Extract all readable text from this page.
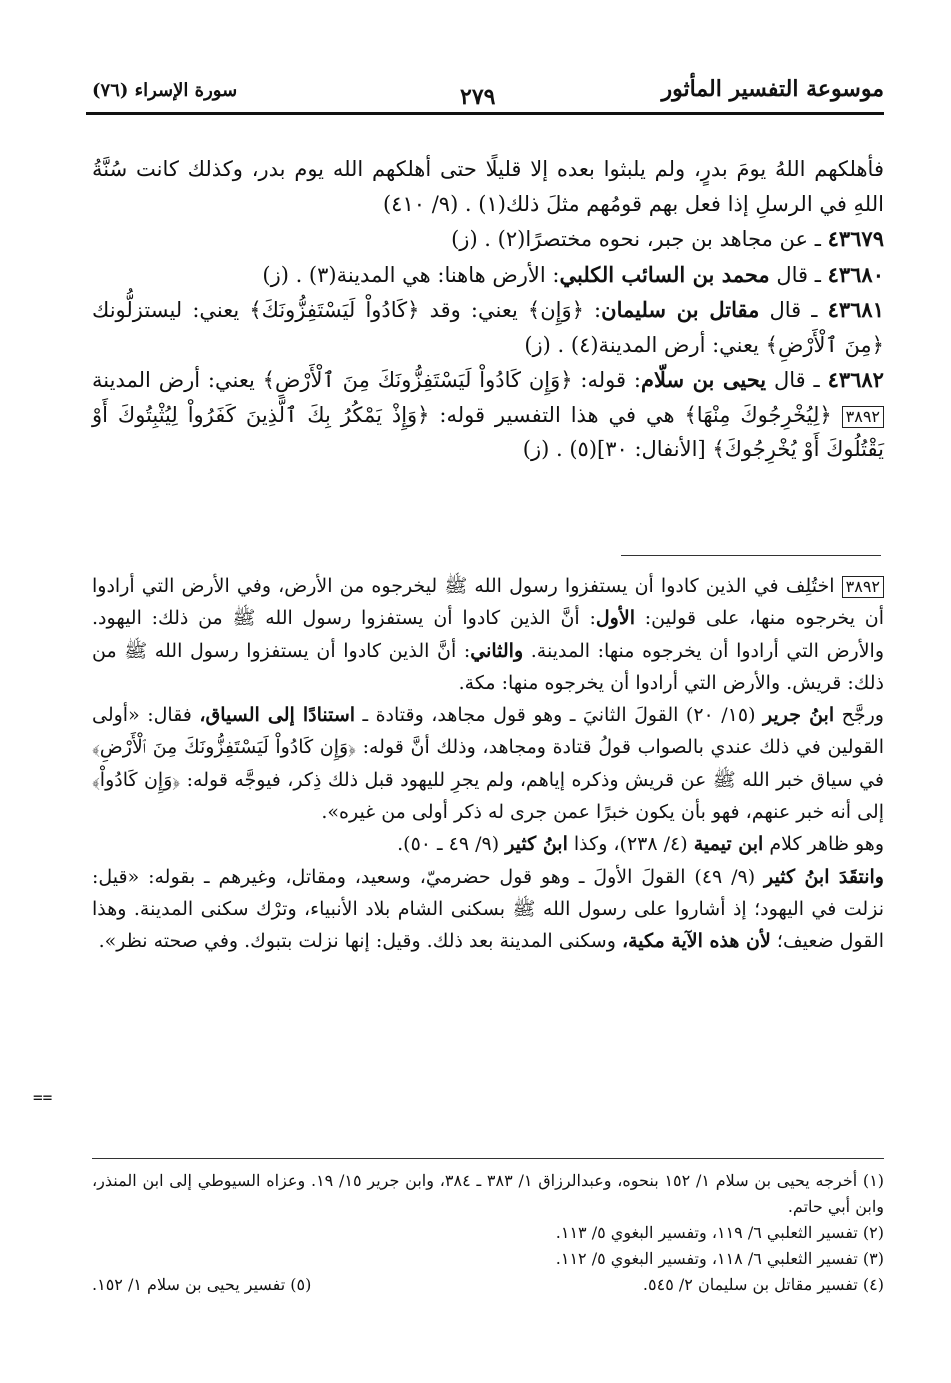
موسوعة التفسير المأثور
٢٧٩
سورة الإسراء (٧٦)

فأهلكهم اللهُ يومَ بدرٍ، ولم يلبثوا بعده إلا قليلًا حتى أهلكهم الله يوم بدر، وكذلك كانت سُنَّةُ اللهِ في الرسلِ إذا فعل بهم قومُهم مثلَ ذلك(١) . (٩/ ٤١٠)

٤٣٦٧٩ ـ عن مجاهد بن جبر، نحوه مختصرًا(٢) . (ز)

٤٣٦٨٠ ـ قال محمد بن السائب الكلبي: الأرض هاهنا: هي المدينة(٣) . (ز)

٤٣٦٨١ ـ قال مقاتل بن سليمان: ﴿وَإِن﴾ يعني: وقد ﴿كَادُواْ لَيَسْتَفِزُّونَكَ﴾ يعني: ليستزلُّونك ﴿مِنَ ٱلْأَرْضِ﴾ يعني: أرض المدينة(٤) . (ز)

٤٣٦٨٢ ـ قال يحيى بن سلّام: قوله: ﴿وَإِن كَادُواْ لَيَسْتَفِزُّونَكَ مِنَ ٱلْأَرْضِ﴾ يعني: أرض المدينة٣٨٩٢ ﴿لِيُخْرِجُوكَ مِنْهَا﴾ هي في هذا التفسير قوله: ﴿وَإِذْ يَمْكُرُ بِكَ ٱلَّذِينَ كَفَرُواْ لِيُثْبِتُوكَ أَوْ يَقْتُلُوكَ أَوْ يُخْرِجُوكَ﴾ [الأنفال: ٣٠](٥) . (ز)

٣٨٩٢ اختُلِف في الذين كادوا أن يستفزوا رسول الله ﷺ ليخرجوه من الأرض، وفي الأرض التي أرادوا أن يخرجوه منها، على قولين: الأول: أنَّ الذين كادوا أن يستفزوا رسول الله ﷺ من ذلك: اليهود. والأرض التي أرادوا أن يخرجوه منها: المدينة. والثاني: أنَّ الذين كادوا أن يستفزوا رسول الله ﷺ من ذلك: قريش. والأرض التي أرادوا أن يخرجوه منها: مكة.

ورجَّح ابنُ جرير (١٥/ ٢٠) القولَ الثانيَ ـ وهو قول مجاهد، وقتادة ـ استنادًا إلى السياق، فقال: «أولى القولين في ذلك عندي بالصواب قولُ قتادة ومجاهد، وذلك أنَّ قوله: ﴿وَإِن كَادُواْ لَيَسْتَفِزُّونَكَ مِنَ ٱلْأَرْضِ﴾ في سياق خبر الله ﷺ عن قريش وذكره إياهم، ولم يجرِ لليهود قبل ذلك ذِكر، فيوجَّه قوله: ﴿وَإِن كَادُواْ﴾ إلى أنه خبر عنهم، فهو بأن يكون خبرًا عمن جرى له ذكر أولى من غيره».

وهو ظاهر كلام ابن تيمية (٤/ ٢٣٨)، وكذا ابنُ كثير (٩/ ٤٩ ـ ٥٠).

وانتقَدَ ابنُ كثير (٩/ ٤٩) القولَ الأولَ ـ وهو قول حضرميّ، وسعيد، ومقاتل، وغيرهم ـ بقوله: «قيل: نزلت في اليهود؛ إذ أشاروا على رسول الله ﷺ بسكنى الشام بلاد الأنبياء، وترْك سكنى المدينة. وهذا القول ضعيف؛ لأن هذه الآية مكية، وسكنى المدينة بعد ذلك. وقيل: إنها نزلت بتبوك. وفي صحته نظر».

==

(١) أخرجه يحيى بن سلام ١/ ١٥٢ بنحوه، وعبدالرزاق ١/ ٣٨٣ ـ ٣٨٤، وابن جرير ١٥/ ١٩. وعزاه السيوطي إلى ابن المنذر، وابن أبي حاتم.

(٢) تفسير الثعلبي ٦/ ١١٩، وتفسير البغوي ٥/ ١١٣.

(٣) تفسير الثعلبي ٦/ ١١٨، وتفسير البغوي ٥/ ١١٢.

(٤) تفسير مقاتل بن سليمان ٢/ ٥٤٥.
(٥) تفسير يحيى بن سلام ١/ ١٥٢.
